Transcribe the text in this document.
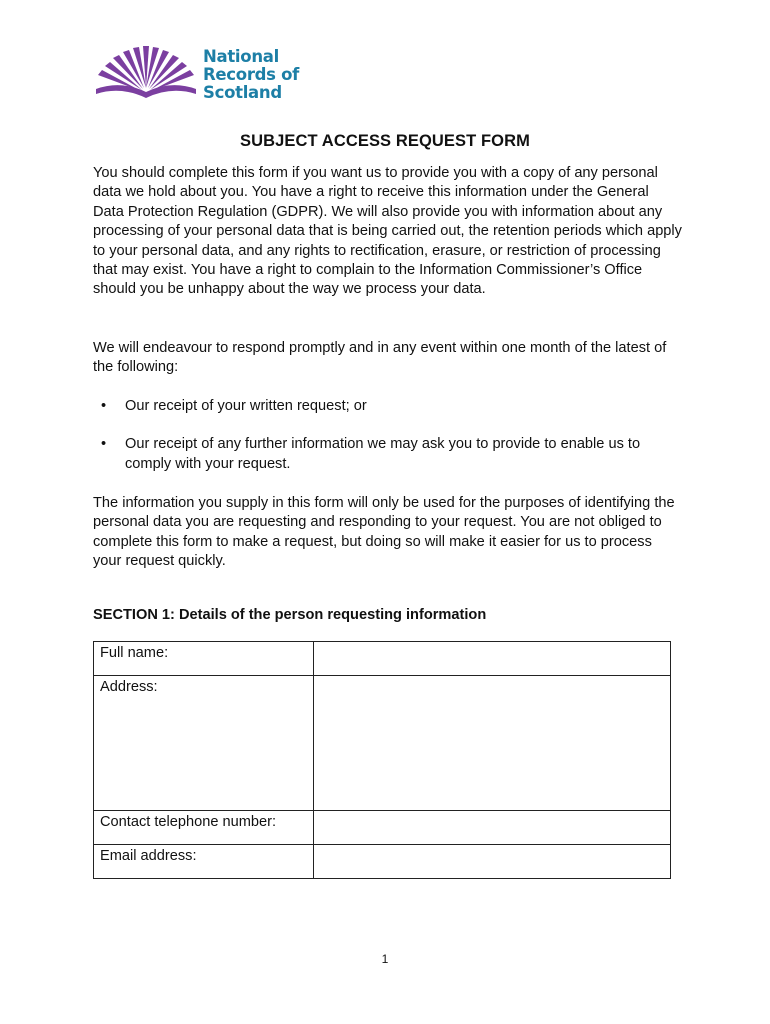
National
Records of
Scotland
SUBJECT ACCESS REQUEST FORM

You should complete this form if you want us to provide you with a copy of any personal data we hold about you. You have a right to receive this information under the General Data Protection Regulation (GDPR). We will also provide you with information about any processing of your personal data that is being carried out, the retention periods which apply to your personal data, and any rights to rectification, erasure, or restriction of processing that may exist. You have a right to complain to the Information Commissioner’s Office should you be unhappy about the way we process your data.

We will endeavour to respond promptly and in any event within one month of the latest of the following:

• Our receipt of your written request; or
• Our receipt of any further information we may ask you to provide to enable us to comply with your request.

The information you supply in this form will only be used for the purposes of identifying the personal data you are requesting and responding to your request. You are not obliged to complete this form to make a request, but doing so will make it easier for us to process your request quickly.

SECTION 1: Details of the person requesting information

Full name:	
Address:	
Contact telephone number:	
Email address:	
1
